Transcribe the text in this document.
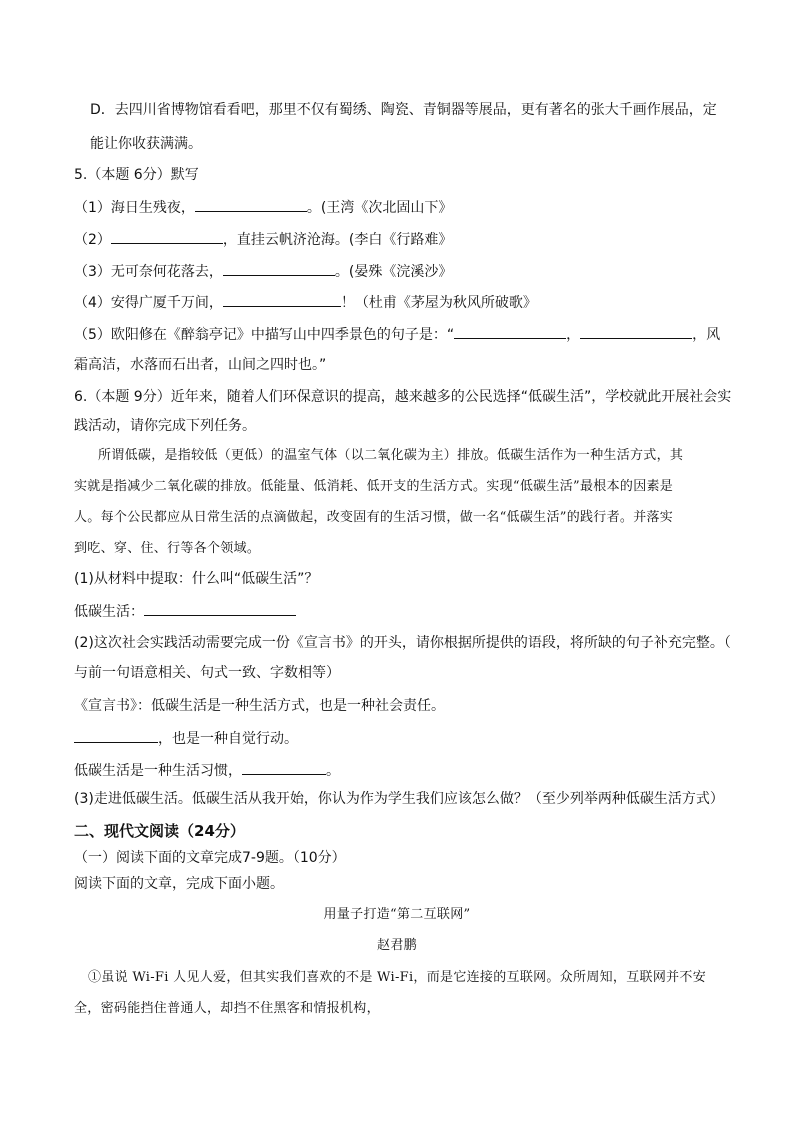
D．去四川省博物馆看看吧，那里不仅有蜀绣、陶瓷、青铜器等展品，更有著名的张大千画作展品，定
能让你收获满满。
5.（本题 6分）默写
（1）海日生残夜，	。(王湾《次北固山下》
（2）	，直挂云帆济沧海。(李白《行路难》
（3）无可奈何花落去，	。(晏殊《浣溪沙》
（4）安得广厦千万间，	！（杜甫《茅屋为秋风所破歌》
（5）欧阳修在《醉翁亭记》中描写山中四季景色的句子是：“	，	，风
霜高洁，水落而石出者，山间之四时也。”
6.（本题 9分）近年来，随着人们环保意识的提高，越来越多的公民选择“低碳生活”，学校就此开展社会实
践活动，请你完成下列任务。
所谓低碳，是指较低（更低）的温室气体（以二氧化碳为主）排放。低碳生活作为一种生活方式，其
实就是指减少二氧化碳的排放。低能量、低消耗、低开支的生活方式。实现“低碳生活”最根本的因素是
人。每个公民都应从日常生活的点滴做起，改变固有的生活习惯，做一名“低碳生活”的践行者。并落实
到吃、穿、住、行等各个领域。
(1)从材料中提取：什么叫“低碳生活”？
低碳生活：
(2)这次社会实践活动需要完成一份《宣言书》的开头，请你根据所提供的语段，将所缺的句子补充完整。（
与前一句语意相关、句式一致、字数相等）
《宣言书》：低碳生活是一种生活方式，也是一种社会责任。
，也是一种自觉行动。
低碳生活是一种生活习惯，	。
(3)走进低碳生活。低碳生活从我开始，你认为作为学生我们应该怎么做？（至少列举两种低碳生活方式）
二、现代文阅读（24分）
（一）阅读下面的文章完成7-9题。（10分）
阅读下面的文章，完成下面小题。
用量子打造“第二互联网”
赵君鹏
①虽说 Wi-Fi 人见人爱，但其实我们喜欢的不是 Wi-Fi，而是它连接的互联网。众所周知，互联网并不安
全，密码能挡住普通人，却挡不住黑客和情报机构，
